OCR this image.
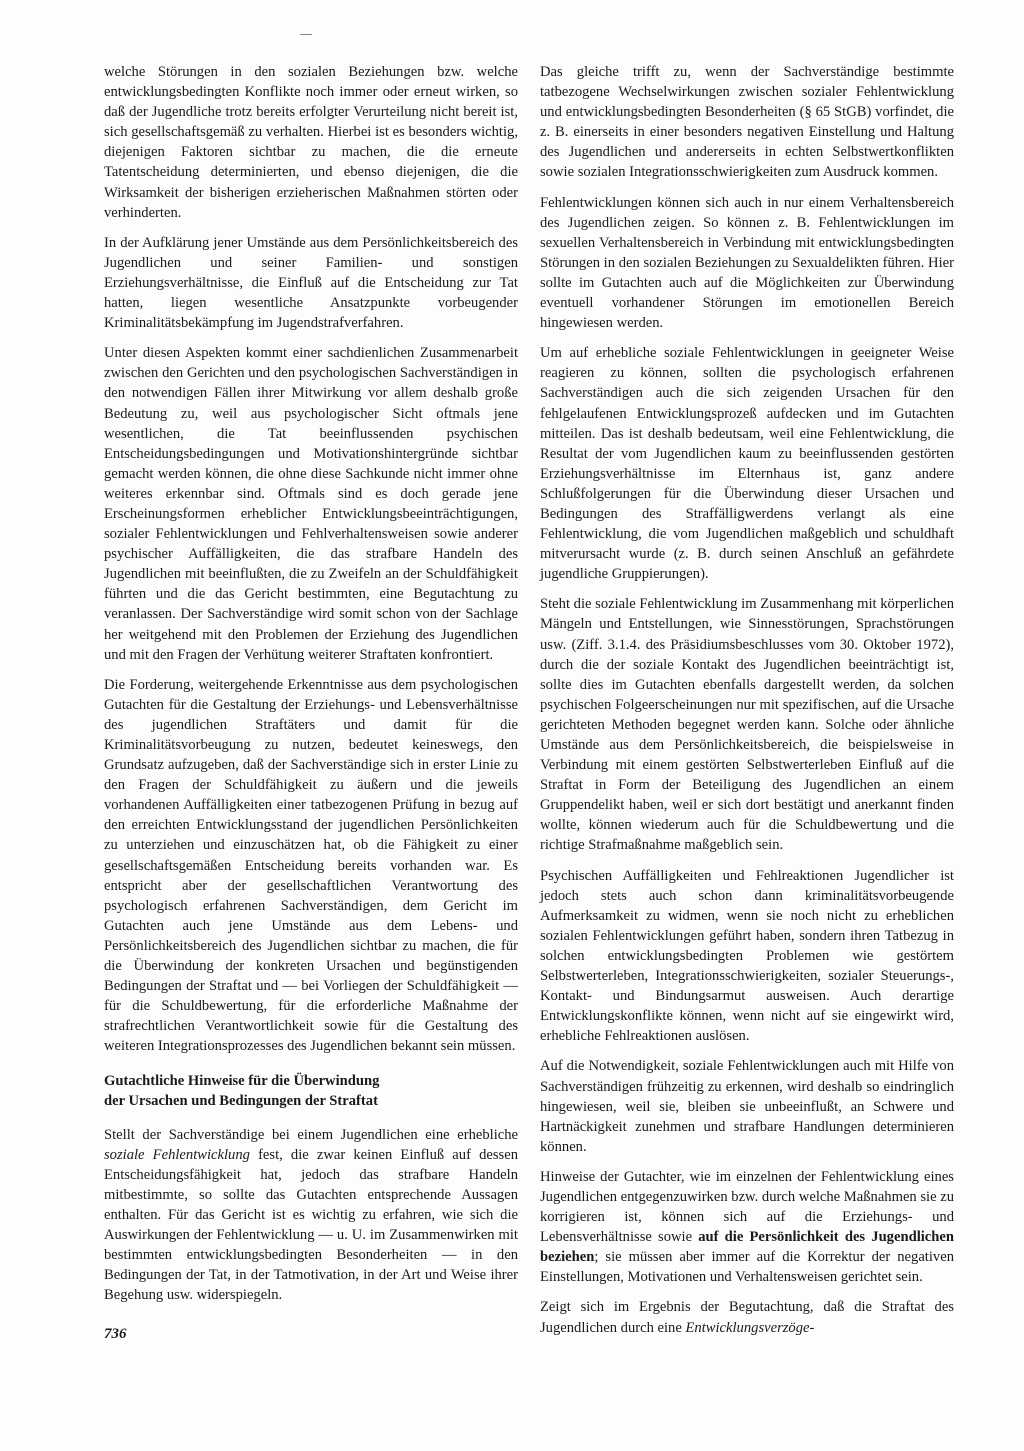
welche Störungen in den sozialen Beziehungen bzw. welche entwicklungsbedingten Konflikte noch immer oder erneut wirken, so daß der Jugendliche trotz bereits erfolgter Verurteilung nicht bereit ist, sich gesellschaftsgemäß zu verhalten. Hierbei ist es besonders wichtig, diejenigen Faktoren sichtbar zu machen, die die erneute Tatentscheidung determinierten, und ebenso diejenigen, die die Wirksamkeit der bisherigen erzieherischen Maßnahmen störten oder verhinderten.

In der Aufklärung jener Umstände aus dem Persönlichkeitsbereich des Jugendlichen und seiner Familien- und sonstigen Erziehungsverhältnisse, die Einfluß auf die Entscheidung zur Tat hatten, liegen wesentliche Ansatzpunkte vorbeugender Kriminalitätsbekämpfung im Jugendstrafverfahren.

Unter diesen Aspekten kommt einer sachdienlichen Zusammenarbeit zwischen den Gerichten und den psychologischen Sachverständigen in den notwendigen Fällen ihrer Mitwirkung vor allem deshalb große Bedeutung zu, weil aus psychologischer Sicht oftmals jene wesentlichen, die Tat beeinflussenden psychischen Entscheidungsbedingungen und Motivationshintergründe sichtbar gemacht werden können, die ohne diese Sachkunde nicht immer ohne weiteres erkennbar sind. Oftmals sind es doch gerade jene Erscheinungsformen erheblicher Entwicklungsbeeinträchtigungen, sozialer Fehlentwicklungen und Fehlverhaltensweisen sowie anderer psychischer Auffälligkeiten, die das strafbare Handeln des Jugendlichen mit beeinflußten, die zu Zweifeln an der Schuldfähigkeit führten und die das Gericht bestimmten, eine Begutachtung zu veranlassen. Der Sachverständige wird somit schon von der Sachlage her weitgehend mit den Problemen der Erziehung des Jugendlichen und mit den Fragen der Verhütung weiterer Straftaten konfrontiert.

Die Forderung, weitergehende Erkenntnisse aus dem psychologischen Gutachten für die Gestaltung der Erziehungs- und Lebensverhältnisse des jugendlichen Straftäters und damit für die Kriminalitätsvorbeugung zu nutzen, bedeutet keineswegs, den Grundsatz aufzugeben, daß der Sachverständige sich in erster Linie zu den Fragen der Schuldfähigkeit zu äußern und die jeweils vorhandenen Auffälligkeiten einer tatbezogenen Prüfung in bezug auf den erreichten Entwicklungsstand der jugendlichen Persönlichkeiten zu unterziehen und einzuschätzen hat, ob die Fähigkeit zu einer gesellschaftsgemäßen Entscheidung bereits vorhanden war. Es entspricht aber der gesellschaftlichen Verantwortung des psychologisch erfahrenen Sachverständigen, dem Gericht im Gutachten auch jene Umstände aus dem Lebens- und Persönlichkeitsbereich des Jugendlichen sichtbar zu machen, die für die Überwindung der konkreten Ursachen und begünstigenden Bedingungen der Straftat und — bei Vorliegen der Schuldfähigkeit — für die Schuldbewertung, für die erforderliche Maßnahme der strafrechtlichen Verantwortlichkeit sowie für die Gestaltung des weiteren Integrationsprozesses des Jugendlichen bekannt sein müssen.

Gutachtliche Hinweise für die Überwindung
der Ursachen und Bedingungen der Straftat

Stellt der Sachverständige bei einem Jugendlichen eine erhebliche soziale Fehlentwicklung fest, die zwar keinen Einfluß auf dessen Entscheidungsfähigkeit hat, jedoch das strafbare Handeln mitbestimmte, so sollte das Gutachten entsprechende Aussagen enthalten. Für das Gericht ist es wichtig zu erfahren, wie sich die Auswirkungen der Fehlentwicklung — u. U. im Zusammenwirken mit bestimmten entwicklungsbedingten Besonderheiten — in den Bedingungen der Tat, in der Tatmotivation, in der Art und Weise ihrer Begehung usw. widerspiegeln.

Das gleiche trifft zu, wenn der Sachverständige bestimmte tatbezogene Wechselwirkungen zwischen sozialer Fehlentwicklung und entwicklungsbedingten Besonderheiten (§ 65 StGB) vorfindet, die z. B. einerseits in einer besonders negativen Einstellung und Haltung des Jugendlichen und andererseits in echten Selbstwertkonflikten sowie sozialen Integrationsschwierigkeiten zum Ausdruck kommen.

Fehlentwicklungen können sich auch in nur einem Verhaltensbereich des Jugendlichen zeigen. So können z. B. Fehlentwicklungen im sexuellen Verhaltensbereich in Verbindung mit entwicklungsbedingten Störungen in den sozialen Beziehungen zu Sexualdelikten führen. Hier sollte im Gutachten auch auf die Möglichkeiten zur Überwindung eventuell vorhandener Störungen im emotionellen Bereich hingewiesen werden.

Um auf erhebliche soziale Fehlentwicklungen in geeigneter Weise reagieren zu können, sollten die psychologisch erfahrenen Sachverständigen auch die sich zeigenden Ursachen für den fehlgelaufenen Entwicklungsprozeß aufdecken und im Gutachten mitteilen. Das ist deshalb bedeutsam, weil eine Fehlentwicklung, die Resultat der vom Jugendlichen kaum zu beeinflussenden gestörten Erziehungsverhältnisse im Elternhaus ist, ganz andere Schlußfolgerungen für die Überwindung dieser Ursachen und Bedingungen des Straffälligwerdens verlangt als eine Fehlentwicklung, die vom Jugendlichen maßgeblich und schuldhaft mitverursacht wurde (z. B. durch seinen Anschluß an gefährdete jugendliche Gruppierungen).

Steht die soziale Fehlentwicklung im Zusammenhang mit körperlichen Mängeln und Entstellungen, wie Sinnesstörungen, Sprachstörungen usw. (Ziff. 3.1.4. des Präsidiumsbeschlusses vom 30. Oktober 1972), durch die der soziale Kontakt des Jugendlichen beeinträchtigt ist, sollte dies im Gutachten ebenfalls dargestellt werden, da solchen psychischen Folgeerscheinungen nur mit spezifischen, auf die Ursache gerichteten Methoden begegnet werden kann. Solche oder ähnliche Umstände aus dem Persönlichkeitsbereich, die beispielsweise in Verbindung mit einem gestörten Selbstwerterleben Einfluß auf die Straftat in Form der Beteiligung des Jugendlichen an einem Gruppendelikt haben, weil er sich dort bestätigt und anerkannt finden wollte, können wiederum auch für die Schuldbewertung und die richtige Strafmaßnahme maßgeblich sein.

Psychischen Auffälligkeiten und Fehlreaktionen Jugendlicher ist jedoch stets auch schon dann kriminalitätsvorbeugende Aufmerksamkeit zu widmen, wenn sie noch nicht zu erheblichen sozialen Fehlentwicklungen geführt haben, sondern ihren Tatbezug in solchen entwicklungsbedingten Problemen wie gestörtem Selbstwerterleben, Integrationsschwierigkeiten, sozialer Steuerungs-, Kontakt- und Bindungsarmut ausweisen. Auch derartige Entwicklungskonflikte können, wenn nicht auf sie eingewirkt wird, erhebliche Fehlreaktionen auslösen.

Auf die Notwendigkeit, soziale Fehlentwicklungen auch mit Hilfe von Sachverständigen frühzeitig zu erkennen, wird deshalb so eindringlich hingewiesen, weil sie, bleiben sie unbeeinflußt, an Schwere und Hartnäckigkeit zunehmen und strafbare Handlungen determinieren können.

Hinweise der Gutachter, wie im einzelnen der Fehlentwicklung eines Jugendlichen entgegenzuwirken bzw. durch welche Maßnahmen sie zu korrigieren ist, können sich auf die Erziehungs- und Lebensverhältnisse sowie auf die Persönlichkeit des Jugendlichen beziehen; sie müssen aber immer auf die Korrektur der negativen Einstellungen, Motivationen und Verhaltensweisen gerichtet sein.

Zeigt sich im Ergebnis der Begutachtung, daß die Straftat des Jugendlichen durch eine Entwicklungsverzöge-

736
